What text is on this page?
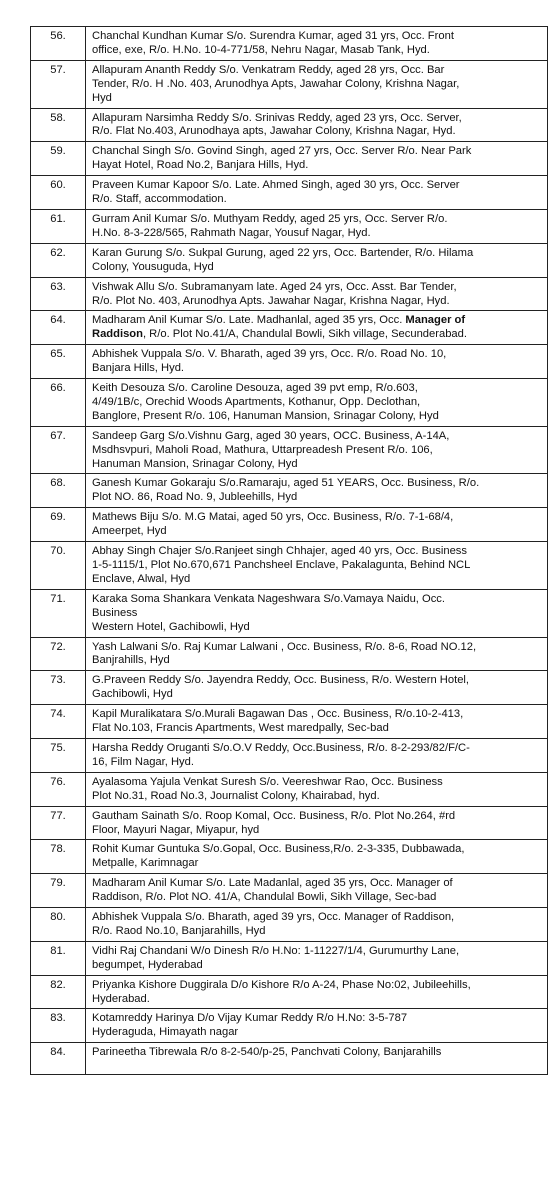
56.	Chanchal Kundhan Kumar S/o. Surendra Kumar, aged 31 yrs, Occ. Front
office, exe, R/o. H.No. 10-4-771/58, Nehru Nagar, Masab Tank, Hyd.

57.	Allapuram Ananth Reddy S/o. Venkatram Reddy, aged 28 yrs, Occ. Bar
Tender, R/o. H .No. 403, Arunodhya Apts, Jawahar Colony, Krishna Nagar,
Hyd

58.	Allapuram Narsimha Reddy S/o. Srinivas Reddy, aged 23 yrs, Occ. Server,
R/o. Flat No.403, Arunodhaya apts, Jawahar Colony, Krishna Nagar, Hyd.

59.	Chanchal Singh S/o. Govind Singh, aged 27 yrs, Occ. Server R/o. Near Park
Hayat Hotel, Road No.2, Banjara Hills, Hyd.

60.	Praveen Kumar Kapoor S/o. Late. Ahmed Singh, aged 30 yrs, Occ. Server
R/o. Staff, accommodation.

61.	Gurram Anil Kumar S/o. Muthyam Reddy, aged 25 yrs, Occ. Server R/o.
H.No. 8-3-228/565, Rahmath Nagar, Yousuf Nagar, Hyd.

62.	Karan Gurung S/o. Sukpal Gurung, aged 22 yrs, Occ. Bartender, R/o. Hilama
Colony, Yousuguda, Hyd

63.	Vishwak Allu S/o. Subramanyam late. Aged 24 yrs, Occ. Asst. Bar Tender,
R/o. Plot No. 403, Arunodhya Apts. Jawahar Nagar, Krishna Nagar, Hyd.

64.	Madharam Anil Kumar S/o. Late. Madhanlal, aged 35 yrs, Occ. Manager of
Raddison, R/o. Plot No.41/A, Chandulal Bowli, Sikh village, Secunderabad.

65.	Abhishek Vuppala S/o. V. Bharath, aged 39 yrs, Occ. R/o. Road No. 10,
Banjara Hills, Hyd.

66.	Keith Desouza S/o. Caroline Desouza, aged 39 pvt emp, R/o.603,
4/49/1B/c, Orechid Woods Apartments, Kothanur, Opp. Declothan,
Banglore, Present R/o. 106, Hanuman Mansion, Srinagar Colony, Hyd

67.	Sandeep Garg S/o.Vishnu Garg, aged 30 years, OCC. Business, A-14A,
Msdhsvpuri, Maholi Road, Mathura, Uttarpreadesh Present R/o. 106,
Hanuman Mansion, Srinagar Colony, Hyd

68.	Ganesh Kumar Gokaraju S/o.Ramaraju, aged 51 YEARS, Occ. Business, R/o.
Plot NO. 86, Road No. 9, Jubleehills, Hyd

69.	Mathews Biju S/o. M.G Matai, aged 50 yrs, Occ. Business, R/o. 7-1-68/4,
Ameerpet, Hyd

70.	Abhay Singh Chajer S/o.Ranjeet singh Chhajer, aged 40 yrs, Occ. Business
1-5-1115/1, Plot No.670,671 Panchsheel Enclave, Pakalagunta, Behind NCL
Enclave, Alwal, Hyd

71.	Karaka Soma Shankara Venkata Nageshwara S/o.Vamaya Naidu, Occ.
Business
Western Hotel, Gachibowli, Hyd

72.	Yash Lalwani S/o. Raj Kumar Lalwani , Occ. Business, R/o. 8-6, Road NO.12,
Banjrahills, Hyd

73.	G.Praveen Reddy S/o. Jayendra Reddy, Occ. Business, R/o. Western Hotel,
Gachibowli, Hyd

74.	Kapil Muralikatara S/o.Murali Bagawan Das , Occ. Business, R/o.10-2-413,
Flat No.103, Francis Apartments, West maredpally, Sec-bad

75.	Harsha Reddy Oruganti S/o.O.V Reddy, Occ.Business, R/o. 8-2-293/82/F/C-
16, Film Nagar, Hyd.

76.	Ayalasoma Yajula Venkat Suresh S/o. Veereshwar Rao, Occ. Business
Plot No.31, Road No.3, Journalist Colony, Khairabad, hyd.

77.	Gautham Sainath S/o. Roop Komal, Occ. Business, R/o. Plot No.264, #rd
Floor, Mayuri Nagar, Miyapur, hyd

78.	Rohit Kumar Guntuka S/o.Gopal, Occ. Business,R/o. 2-3-335, Dubbawada,
Metpalle, Karimnagar

79.	Madharam Anil Kumar S/o. Late Madanlal, aged 35 yrs, Occ. Manager of
Raddison, R/o. Plot NO. 41/A, Chandulal Bowli, Sikh Village, Sec-bad

80.	Abhishek Vuppala S/o. Bharath, aged 39 yrs, Occ. Manager of Raddison,
R/o. Raod No.10, Banjarahills, Hyd

81.	Vidhi Raj Chandani W/o Dinesh R/o H.No: 1-11227/1/4, Gurumurthy Lane,
begumpet, Hyderabad

82.	Priyanka Kishore Duggirala D/o Kishore R/o A-24, Phase No:02, Jubileehills,
Hyderabad.

83.	Kotamreddy Harinya D/o Vijay Kumar Reddy R/o H.No: 3-5-787
Hyderaguda, Himayath nagar

84.	Parineetha Tibrewala R/o 8-2-540/p-25, Panchvati Colony, Banjarahills
